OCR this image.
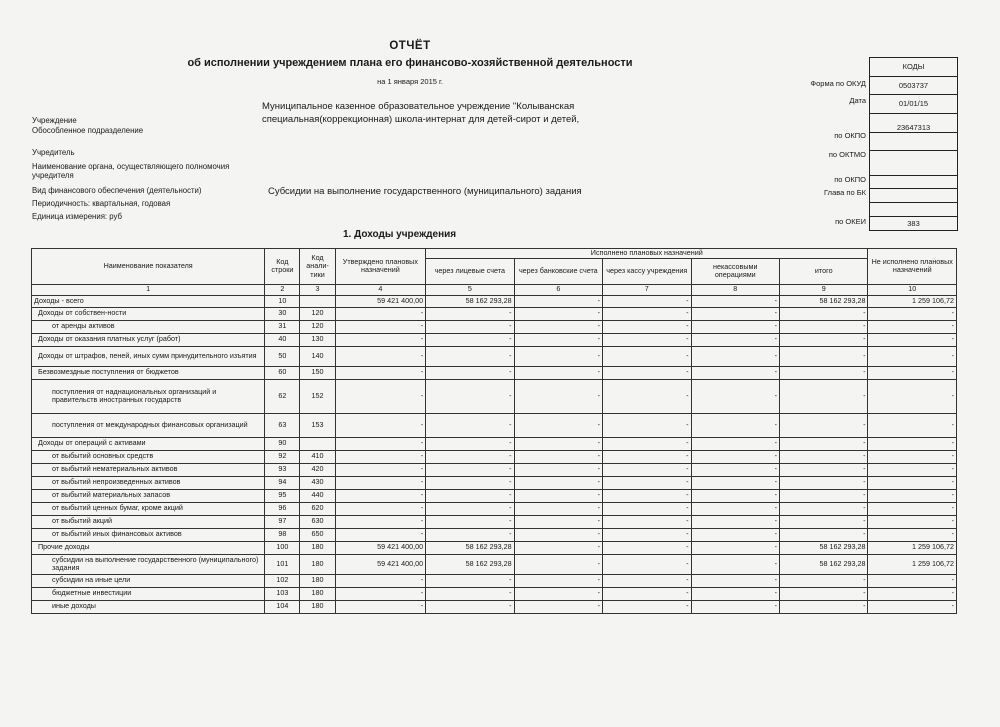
ОТЧЁТ
об исполнении учреждением плана его финансово-хозяйственной деятельности
на 1 января 2015 г.
Муниципальное казенное образовательное учреждение "Колыванская
специальная(коррекционная) школа-интернат для детей-сирот и детей,
Учреждение
Обособленное подразделение
Учредитель
Наименование органа, осуществляющего полномочия учредителя
Вид финансового обеспечения (деятельности)
Периодичность: квартальная, годовая
Единица измерения: руб
Субсидии на выполнение государственного (муниципального) задания
Форма по ОКУД
Дата
по ОКПО
по ОКТМО
по ОКПО
Глава по БК
по ОКЕИ
КОДЫ
0503737
01/01/15
23647313
383
1. Доходы учреждения
Наименование показателя	Код строки	Код анали-тики	Утверждено плановых назначений	Исполнено плановых назначений					Не исполнено плановых назначений
				через лицевые счета	через банковские счета	через кассу учреждения	некассовыми операциями	итого	
1	2	3	4	5	6	7	8	9	10
Доходы - всего	10		59 421 400,00	58 162 293,28	-	-	-	58 162 293,28	1 259 106,72
Доходы от собствен-ности	30	120	-	-	-	-	-	-	-
от аренды активов	31	120	-	-	-	-	-	-	-
Доходы от оказания платных услуг (работ)	40	130	-	-	-	-	-	-	-
Доходы от штрафов, пеней, иных сумм принудительного изъятия	50	140	-	-	-	-	-	-	-
Безвозмездные поступления от бюджетов	60	150	-	-	-	-	-	-	-
поступления от наднациональных организаций и правительств иностранных государств	62	152	-	-	-	-	-	-	-
поступления от международных финансовых организаций	63	153	-	-	-	-	-	-	-
Доходы от операций с активами	90		-	-	-	-	-	-	-
от выбытий основных средств	92	410	-	-	-	-	-	-	-
от выбытий нематериальных активов	93	420	-	-	-	-	-	-	-
от выбытий непроизведенных активов	94	430	-	-	-	-	-	-	-
от выбытий материальных запасов	95	440	-	-	-	-	-	-	-
от выбытий ценных бумаг, кроме акций	96	620	-	-	-	-	-	-	-
от выбытий акций	97	630	-	-	-	-	-	-	-
от выбытий иных финансовых активов	98	650	-	-	-	-	-	-	-
Прочие доходы	100	180	59 421 400,00	58 162 293,28	-	-	-	58 162 293,28	1 259 106,72
субсидии на выполнение государственного (муниципального) задания	101	180	59 421 400,00	58 162 293,28	-	-	-	58 162 293,28	1 259 106,72
субсидии на иные цели	102	180	-	-	-	-	-	-	-
бюджетные инвестиции	103	180	-	-	-	-	-	-	-
иные доходы	104	180	-	-	-	-	-	-	-
